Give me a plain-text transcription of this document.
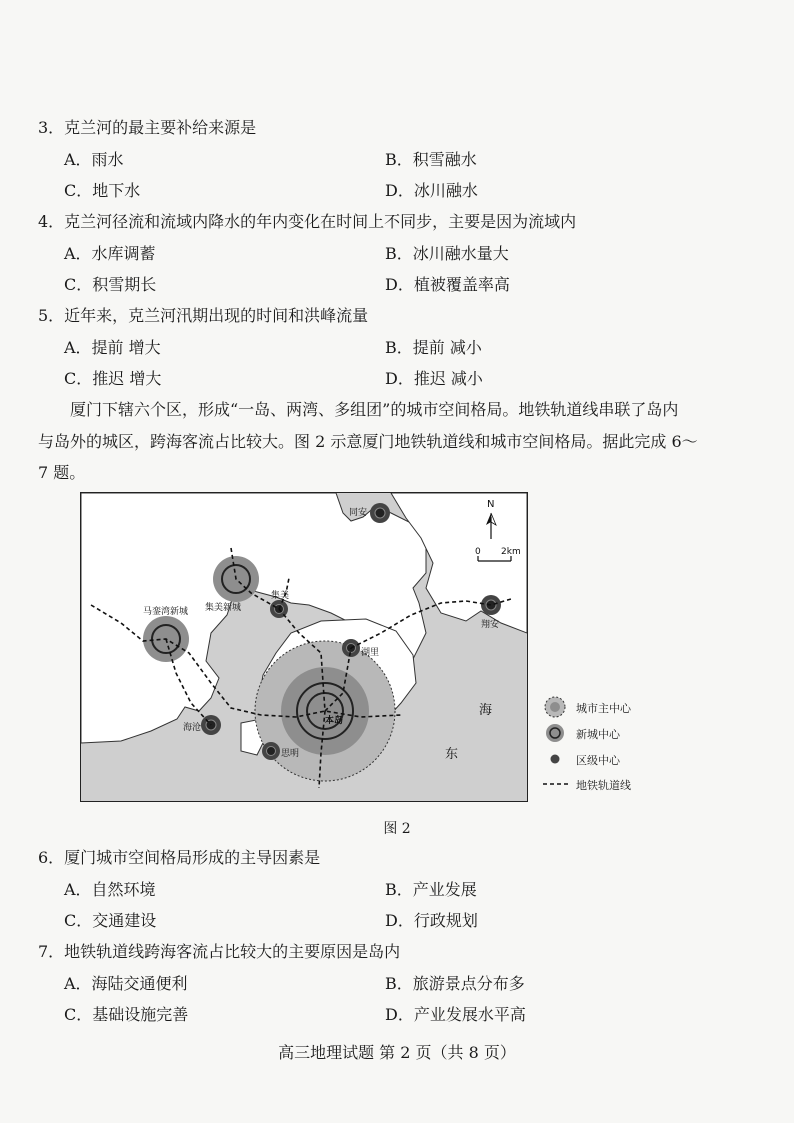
3．克兰河的最主要补给来源是
A．雨水	B．积雪融水
C．地下水	D．冰川融水
4．克兰河径流和流域内降水的年内变化在时间上不同步，主要是因为流域内
A．水库调蓄	B．冰川融水量大
C．积雪期长	D．植被覆盖率高
5．近年来，克兰河汛期出现的时间和洪峰流量
A．提前 增大	B．提前 减小
C．推迟 增大	D．推迟 减小
厦门下辖六个区，形成“一岛、两湾、多组团”的城市空间格局。地铁轨道线串联了岛内
与岛外的城区，跨海客流占比较大。图 2 示意厦门地铁轨道线和城市空间格局。据此完成 6～
7 题。
同安
集美新城
集美
马銮湾新城
翔安
湖里
本岛
海沧
思明
海
东
N
0 2km
城市主中心
新城中心
区级中心
地铁轨道线
图 2
6．厦门城市空间格局形成的主导因素是
A．自然环境	B．产业发展
C．交通建设	D．行政规划
7．地铁轨道线跨海客流占比较大的主要原因是岛内
A．海陆交通便利	B．旅游景点分布多
C．基础设施完善	D．产业发展水平高
高三地理试题 第 2 页（共 8 页）
